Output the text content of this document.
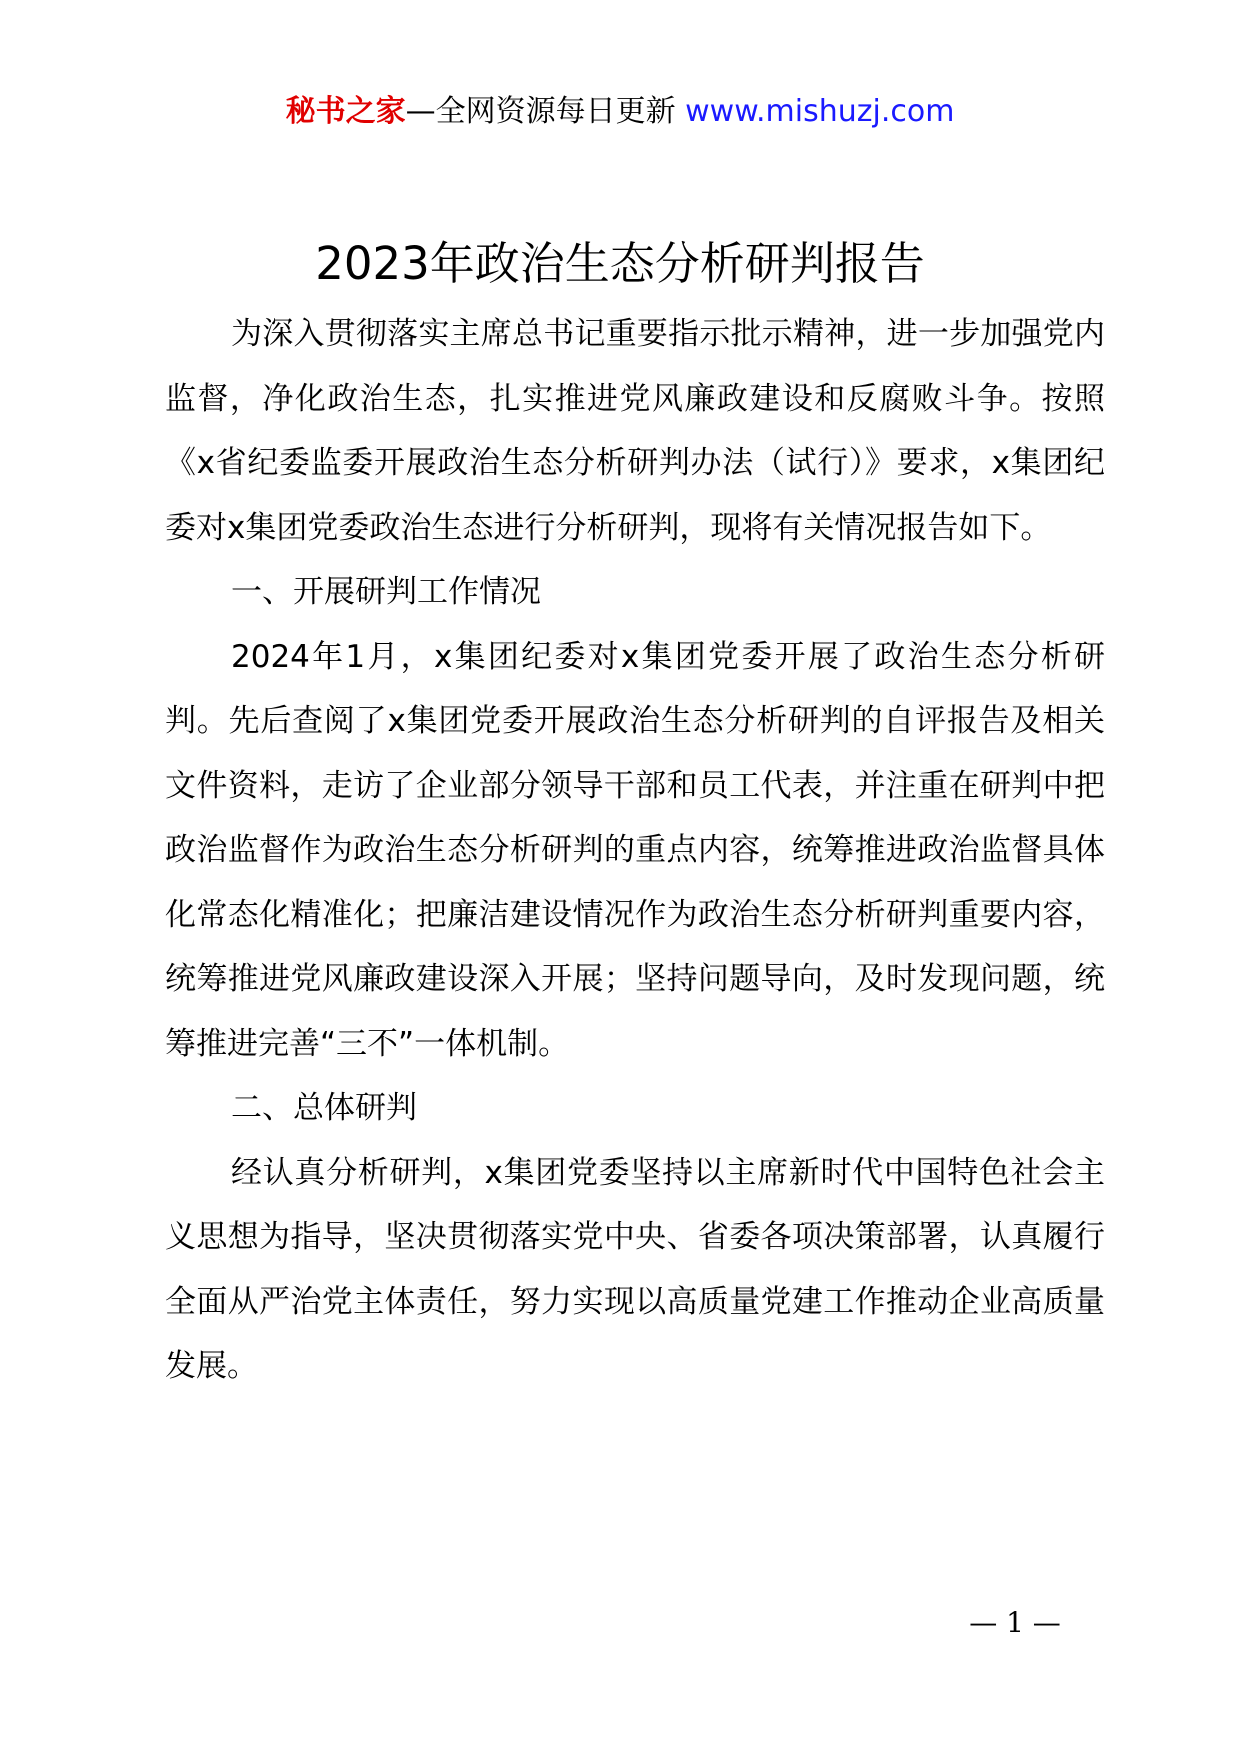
秘书之家—全网资源每日更新 www.mishuzj.com
2023年政治生态分析研判报告

为深入贯彻落实主席总书记重要指示批示精神，进一步加强党内监督，净化政治生态，扎实推进党风廉政建设和反腐败斗争。按照《x省纪委监委开展政治生态分析研判办法（试行）》要求，x集团纪委对x集团党委政治生态进行分析研判，现将有关情况报告如下。

一、开展研判工作情况

2024年1月，x集团纪委对x集团党委开展了政治生态分析研判。先后查阅了x集团党委开展政治生态分析研判的自评报告及相关文件资料，走访了企业部分领导干部和员工代表，并注重在研判中把政治监督作为政治生态分析研判的重点内容，统筹推进政治监督具体化常态化精准化；把廉洁建设情况作为政治生态分析研判重要内容，统筹推进党风廉政建设深入开展；坚持问题导向，及时发现问题，统筹推进完善“三不”一体机制。

二、总体研判

经认真分析研判，x集团党委坚持以主席新时代中国特色社会主义思想为指导，坚决贯彻落实党中央、省委各项决策部署，认真履行全面从严治党主体责任，努力实现以高质量党建工作推动企业高质量发展。

— 1 —
